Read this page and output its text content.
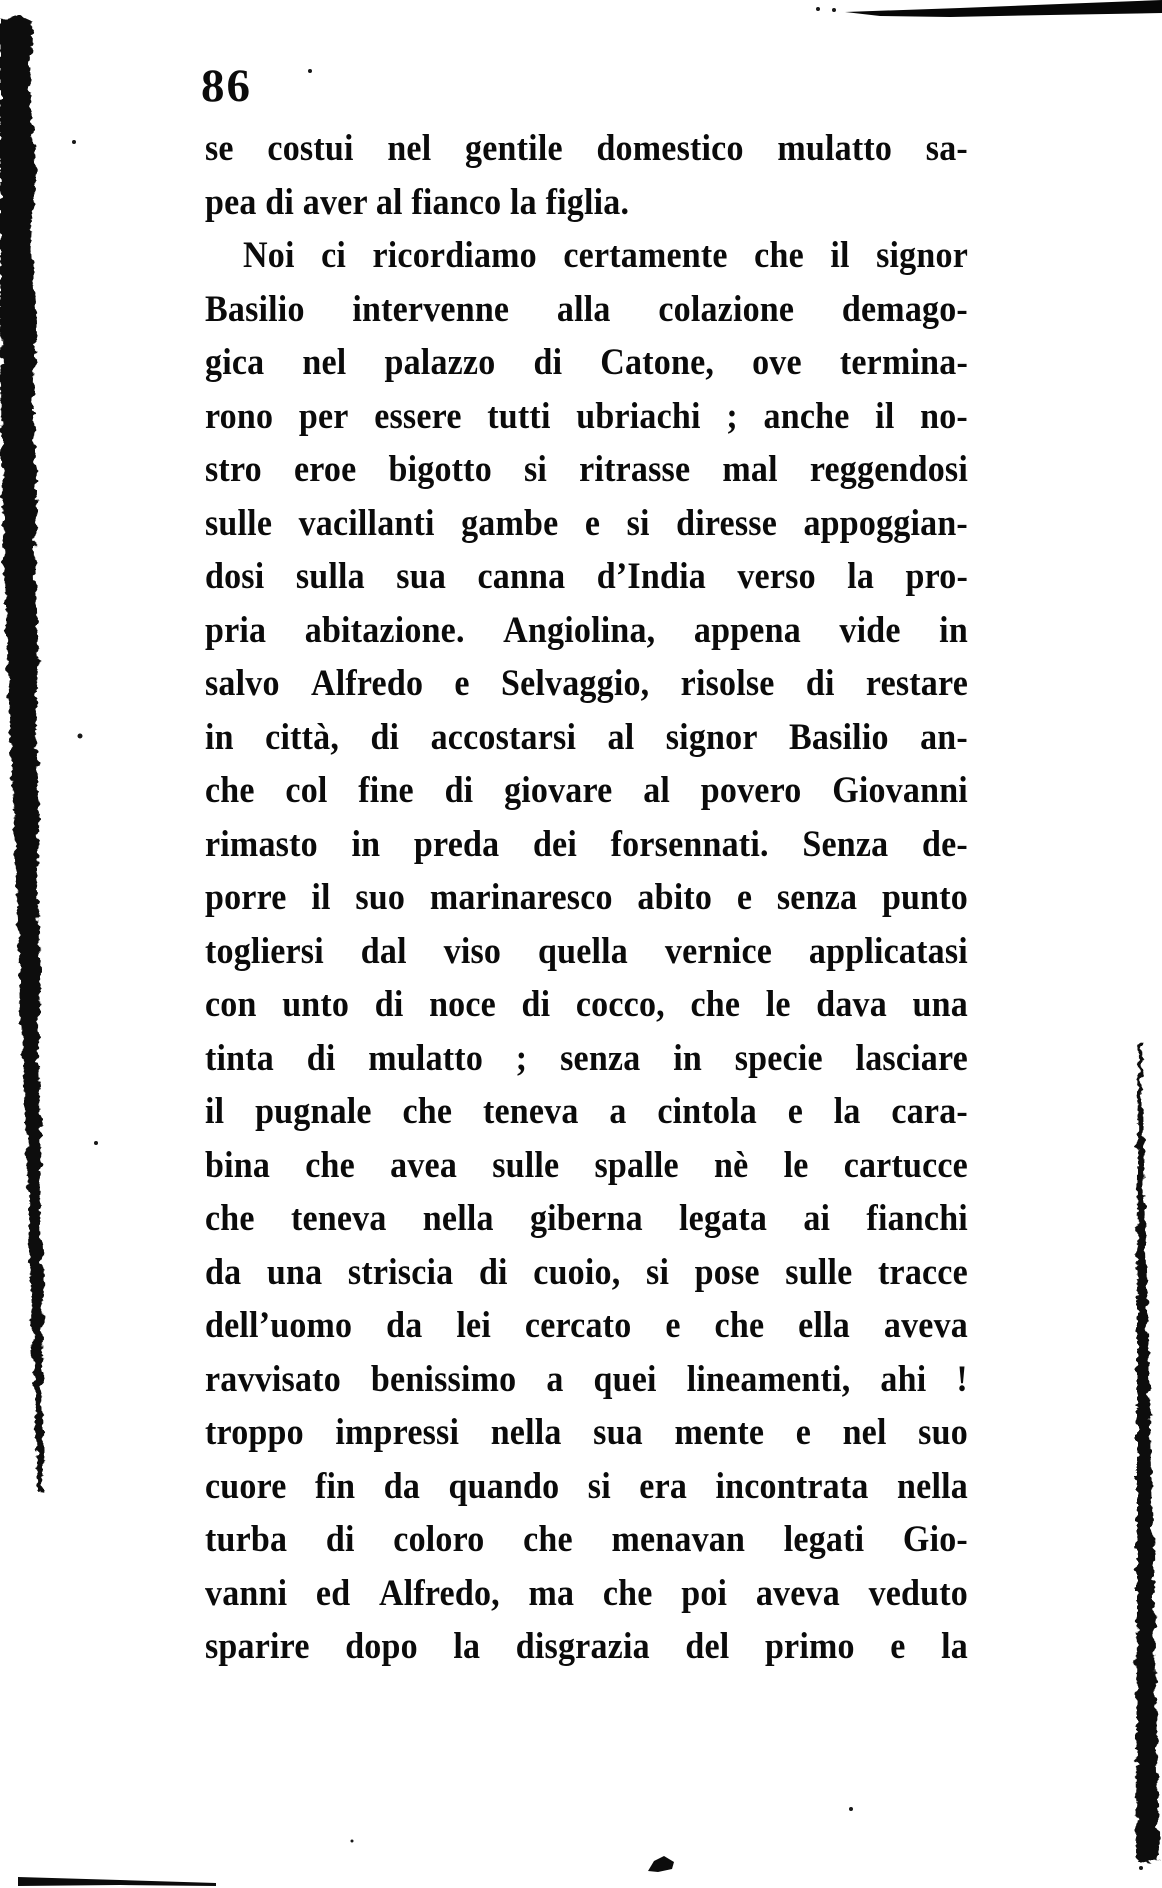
86
se costui nel gentile domestico mulatto sa-
pea di aver al fianco la figlia.
Noi ci ricordiamo certamente che il signor
Basilio intervenne alla colazione demago-
gica nel palazzo di Catone, ove termina-
rono per essere tutti ubriachi ; anche il no-
stro eroe bigotto si ritrasse mal reggendosi
sulle vacillanti gambe e si diresse appoggian-
dosi sulla sua canna d’India verso la pro-
pria abitazione. Angiolina, appena vide in
salvo Alfredo e Selvaggio, risolse di restare
in città, di accostarsi al signor Basilio an-
che col fine di giovare al povero Giovanni
rimasto in preda dei forsennati. Senza de-
porre il suo marinaresco abito e senza punto
togliersi dal viso quella vernice applicatasi
con unto di noce di cocco, che le dava una
tinta di mulatto ; senza in specie lasciare
il pugnale che teneva a cintola e la cara-
bina che avea sulle spalle nè le cartucce
che teneva nella giberna legata ai fianchi
da una striscia di cuoio, si pose sulle tracce
dell’uomo da lei cercato e che ella aveva
ravvisato benissimo a quei lineamenti, ahi !
troppo impressi nella sua mente e nel suo
cuore fin da quando si era incontrata nella
turba di coloro che menavan legati Gio-
vanni ed Alfredo, ma che poi aveva veduto
sparire dopo la disgrazia del primo e la
